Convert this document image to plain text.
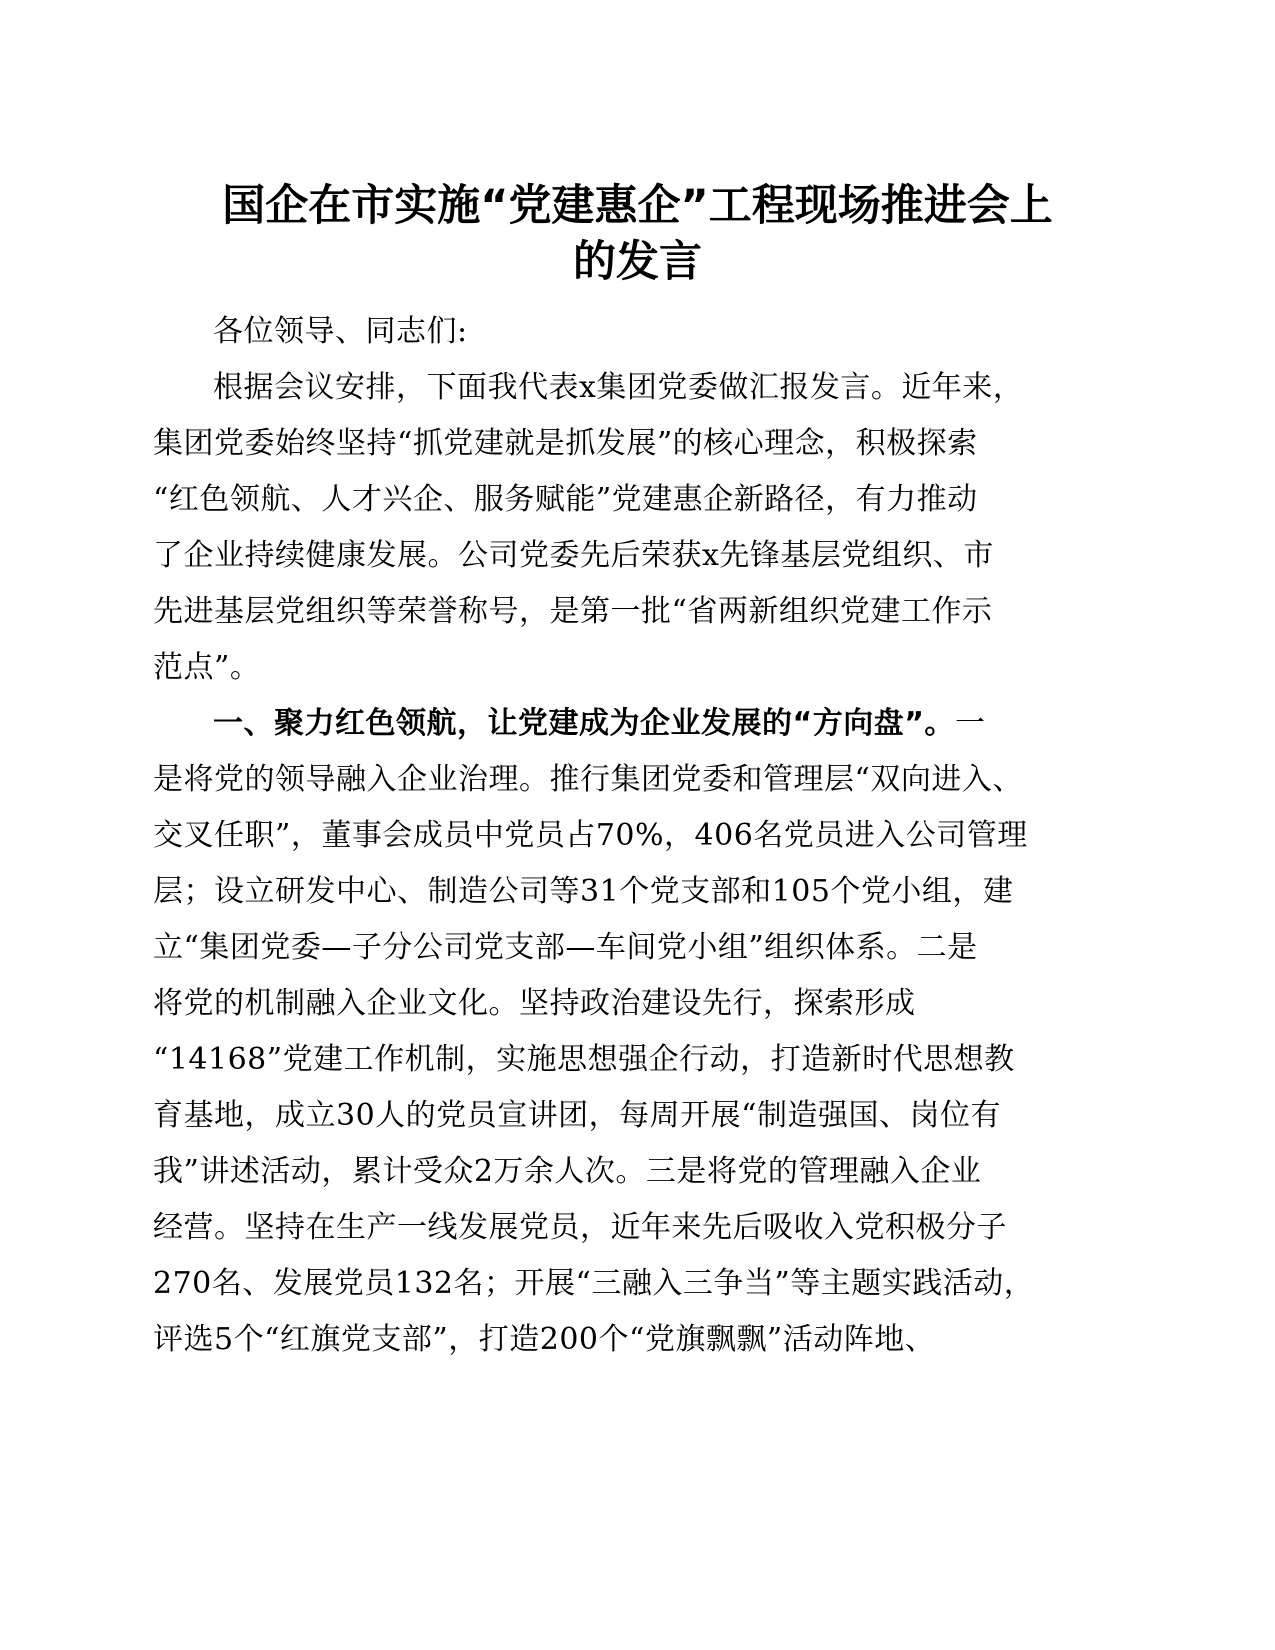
国企在市实施“党建惠企”工程现场推进会上
的发言
各位领导、同志们:
根据会议安排，下面我代表x集团党委做汇报发言。近年来，
集团党委始终坚持“抓党建就是抓发展”的核心理念，积极探索
“红色领航、人才兴企、服务赋能”党建惠企新路径，有力推动
了企业持续健康发展。公司党委先后荣获x先锋基层党组织、市
先进基层党组织等荣誉称号，是第一批“省两新组织党建工作示
范点”。
一、聚力红色领航，让党建成为企业发展的“方向盘”。一
是将党的领导融入企业治理。推行集团党委和管理层“双向进入、
交叉任职”，董事会成员中党员占70%，406名党员进入公司管理
层；设立研发中心、制造公司等31个党支部和105个党小组，建
立“集团党委—子分公司党支部—车间党小组”组织体系。二是
将党的机制融入企业文化。坚持政治建设先行，探索形成
“14168”党建工作机制，实施思想强企行动，打造新时代思想教
育基地，成立30人的党员宣讲团，每周开展“制造强国、岗位有
我”讲述活动，累计受众2万余人次。三是将党的管理融入企业
经营。坚持在生产一线发展党员，近年来先后吸收入党积极分子
270名、发展党员132名；开展“三融入三争当”等主题实践活动，
评选5个“红旗党支部”，打造200个“党旗飘飘”活动阵地、
